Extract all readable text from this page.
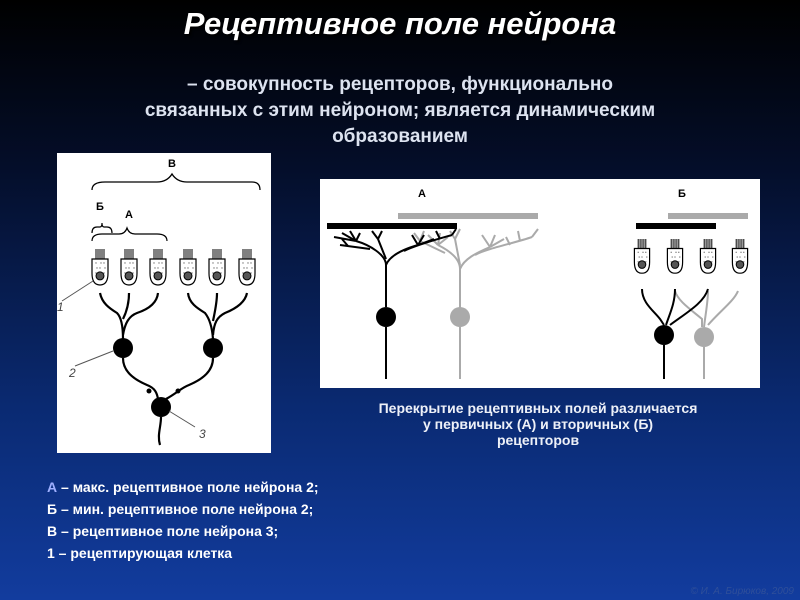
Рецептивное поле нейрона
– совокупность рецепторов, функционально
связанных с этим нейроном; является динамическим
образованием
В
Б
А
1
2
3
А	Б
Перекрытие рецептивных полей различается
у первичных (А) и вторичных (Б)
рецепторов
А – макс. рецептивное поле нейрона 2;
Б – мин. рецептивное поле нейрона 2;
В – рецептивное поле нейрона 3;
1 – рецептирующая клетка
© И. А. Бирюков, 2009
